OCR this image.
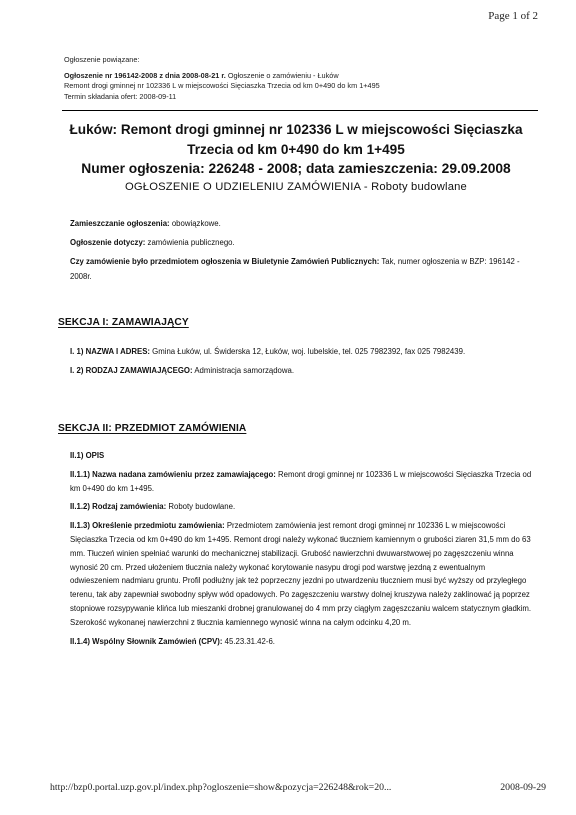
Page 1 of 2
Ogłoszenie powiązane:
Ogłoszenie nr 196142-2008 z dnia 2008-08-21 r. Ogłoszenie o zamówieniu - Łuków
Remont drogi gminnej nr 102336 L w miejscowości Sięciaszka Trzecia od km 0+490 do km 1+495
Termin składania ofert: 2008-09-11
Łuków: Remont drogi gminnej nr 102336 L w miejscowości Sięciaszka
Trzecia od km 0+490 do km 1+495
Numer ogłoszenia: 226248 - 2008; data zamieszczenia: 29.09.2008
OGŁOSZENIE O UDZIELENIU ZAMÓWIENIA - Roboty budowlane

Zamieszczanie ogłoszenia: obowiązkowe.

Ogłoszenie dotyczy: zamówienia publicznego.

Czy zamówienie było przedmiotem ogłoszenia w Biuletynie Zamówień Publicznych: Tak, numer ogłoszenia w BZP: 196142 - 2008r.

SEKCJA I: ZAMAWIAJĄCY

I. 1) NAZWA I ADRES: Gmina Łuków, ul. Świderska 12, Łuków, woj. lubelskie, tel. 025 7982392, fax 025 7982439.

I. 2) RODZAJ ZAMAWIAJĄCEGO: Administracja samorządowa.

SEKCJA II: PRZEDMIOT ZAMÓWIENIA

II.1) OPIS

II.1.1) Nazwa nadana zamówieniu przez zamawiającego: Remont drogi gminnej nr 102336 L w miejscowości Sięciaszka Trzecia od km 0+490 do km 1+495.

II.1.2) Rodzaj zamówienia: Roboty budowlane.

II.1.3) Określenie przedmiotu zamówienia: Przedmiotem zamówienia jest remont drogi gminnej nr 102336 L w miejscowości Sięciaszka Trzecia od km 0+490 do km 1+495. Remont drogi należy wykonać tłuczniem kamiennym o grubości ziaren 31,5 mm do 63 mm. Tłuczeń winien spełniać warunki do mechanicznej stabilizacji. Grubość nawierzchni dwuwarstwowej po zagęszczeniu winna wynosić 20 cm. Przed ułożeniem tłucznia należy wykonać korytowanie nasypu drogi pod warstwę jezdną z ewentualnym odwieszeniem nadmiaru gruntu. Profil podłużny jak też poprzeczny jezdni po utwardzeniu tłuczniem musi być wyższy od przyległego terenu, tak aby zapewniał swobodny spływ wód opadowych. Po zagęszczeniu warstwy dolnej kruszywa należy zaklinować ją poprzez stopniowe rozsypywanie klińca lub mieszanki drobnej granulowanej do 4 mm przy ciągłym zagęszczaniu walcem statycznym gładkim. Szerokość wykonanej nawierzchni z tłucznia kamiennego wynosić winna na całym odcinku 4,20 m.

II.1.4) Wspólny Słownik Zamówień (CPV): 45.23.31.42-6.

http://bzp0.portal.uzp.gov.pl/index.php?ogloszenie=show&pozycja=226248&rok=20...	2008-09-29
